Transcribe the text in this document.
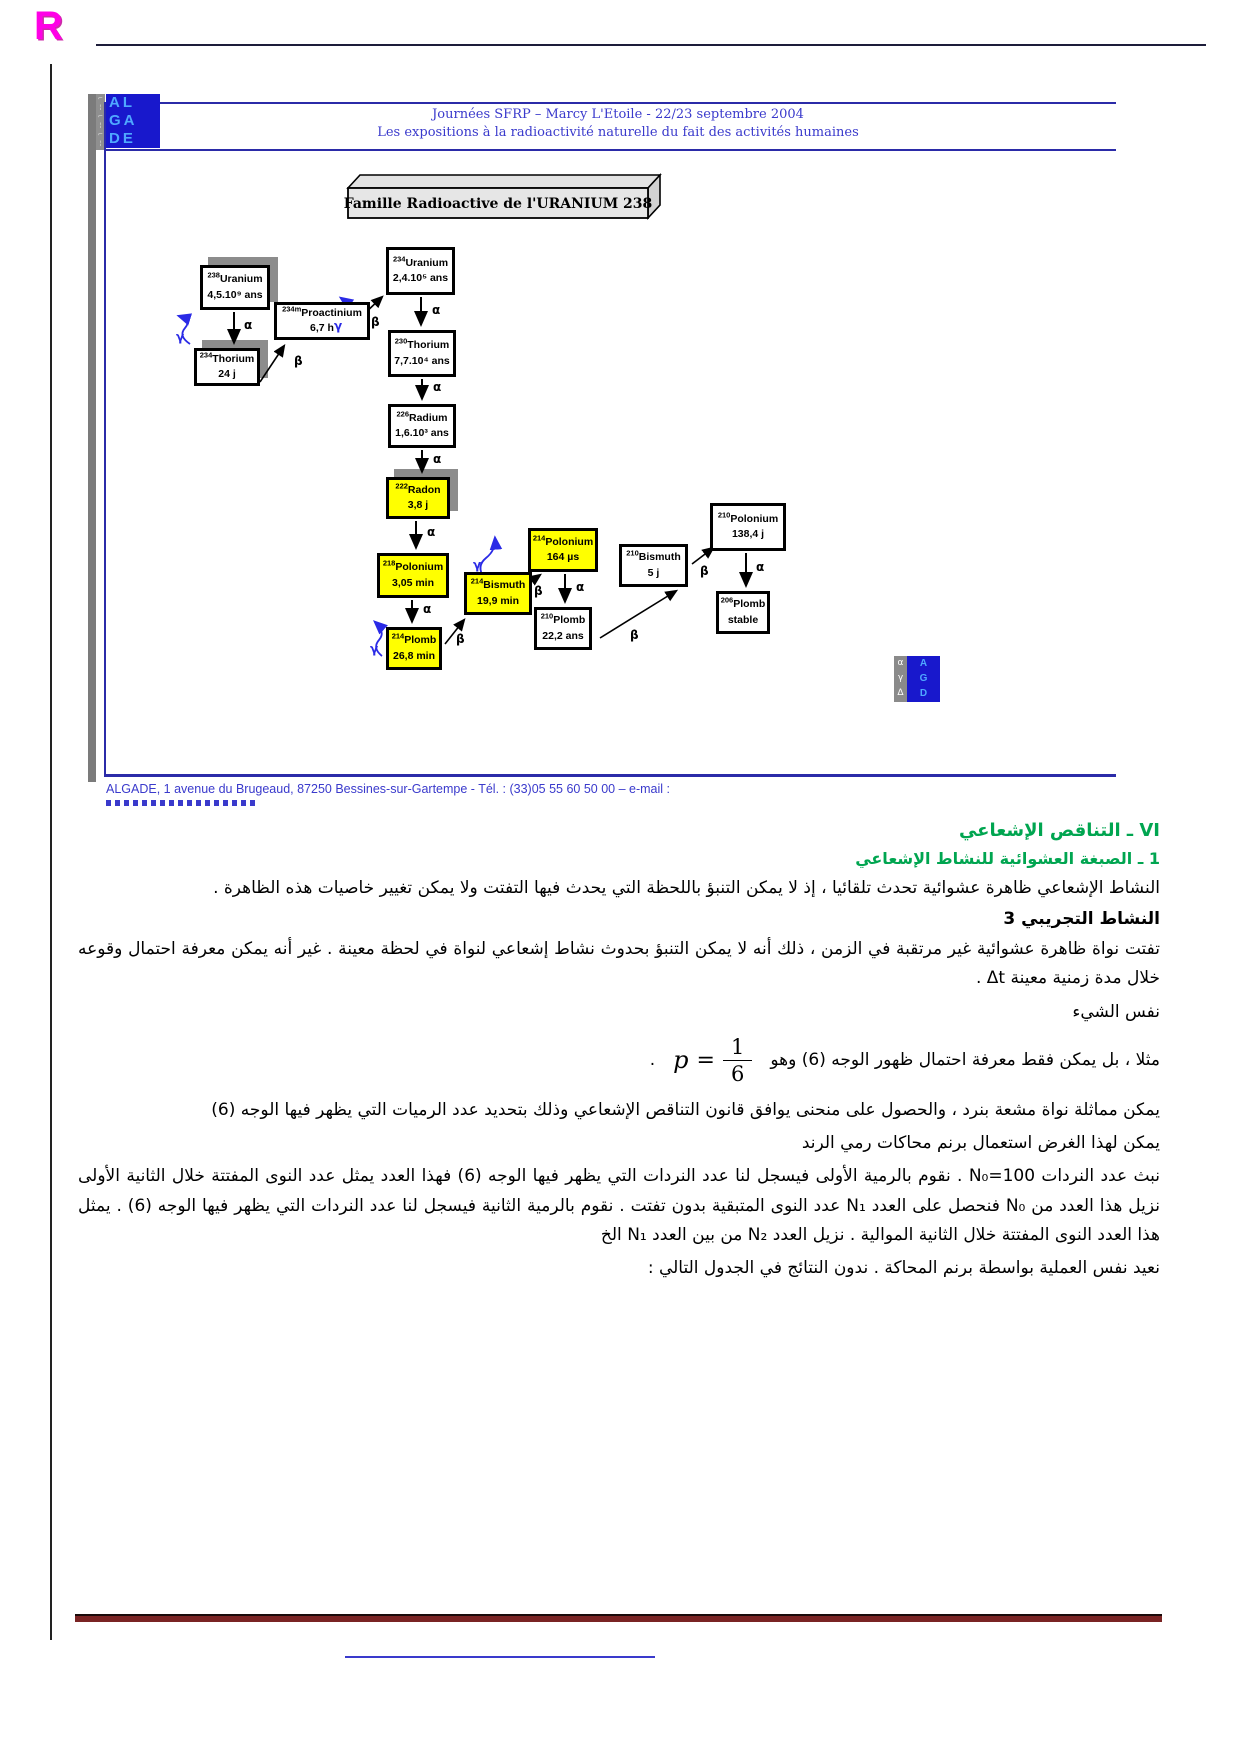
R
⌐
¦
⌐
¦
⌐
¦
AL
GA
DE
Journées SFRP – Marcy L'Etoile - 22/23 septembre 2004
Les expositions à la radioactivité naturelle du fait des activités humaines
Famille Radioactive de l'URANIUM 238
$^{238}$Uranium
4,5.10⁹ ans
$^{234}$Thorium
24 j
$^{234m}$Proactinium
6,7 h
$^{234}$Uranium
2,4.10⁵ ans
$^{230}$Thorium
7,7.10⁴ ans
$^{226}$Radium
1,6.10³ ans
$^{222}$Radon
3,8 j
$^{218}$Polonium
3,05 min
$^{214}$Plomb
26,8 min
$^{214}$Bismuth
19,9 min
$^{214}$Polonium
164 µs
$^{210}$Plomb
22,2 ans
$^{210}$Bismuth
5 j
$^{210}$Polonium
138,4 j
$^{206}$Plomb
stable
α
α
α
α
α
α
α
α
β
β
β
β
β
β
γ
γ
γ
γ
α
γ
Δ
A
G
D
ALGADE, 1 avenue du Brugeaud, 87250 Bessines-sur-Gartempe - Tél. : (33)05 55 60 50 00 – e-mail :
VI ـ التناقص الإشعاعي
1 ـ الصبغة العشوائية للنشاط الإشعاعي

النشاط الإشعاعي ظاهرة عشوائية تحدث تلقائيا ، إذ لا يمكن التنبؤ باللحظة التي يحدث فيها التفتت ولا يمكن تغيير خاصيات هذه الظاهرة .

النشاط التجريبي 3

تفتت نواة ظاهرة عشوائية غير مرتقبة في الزمن ، ذلك أنه لا يمكن التنبؤ بحدوث نشاط إشعاعي لنواة في لحظة معينة . غير أنه يمكن معرفة احتمال وقوعه خلال مدة زمنية معينة Δt .

نفس الشيء

مثلا ، بل يمكن فقط معرفة احتمال ظهور الوجه (6) وهو
$p = \frac{1}{6}$
.

يمكن مماثلة نواة مشعة بنرد ، والحصول على منحنى يوافق قانون التناقص الإشعاعي وذلك بتحديد عدد الرميات التي يظهر فيها الوجه (6)

يمكن لهذا الغرض استعمال برنم محاكات رمي الرند

نبث عدد النردات N₀=100 . نقوم بالرمية الأولى فيسجل لنا عدد النردات التي يظهر فيها الوجه (6) فهذا العدد يمثل عدد النوى المفتتة خلال الثانية الأولى نزيل هذا العدد من N₀ فنحصل على العدد N₁ عدد النوى المتبقية بدون تفتت . نقوم بالرمية الثانية فيسجل لنا عدد النردات التي يظهر فيها الوجه (6) . يمثل هذا العدد النوى المفتتة خلال الثانية الموالية . نزيل العدد N₂ من بين العدد N₁ الخ

نعيد نفس العملية بواسطة برنم المحاكة . ندون النتائج في الجدول التالي :
